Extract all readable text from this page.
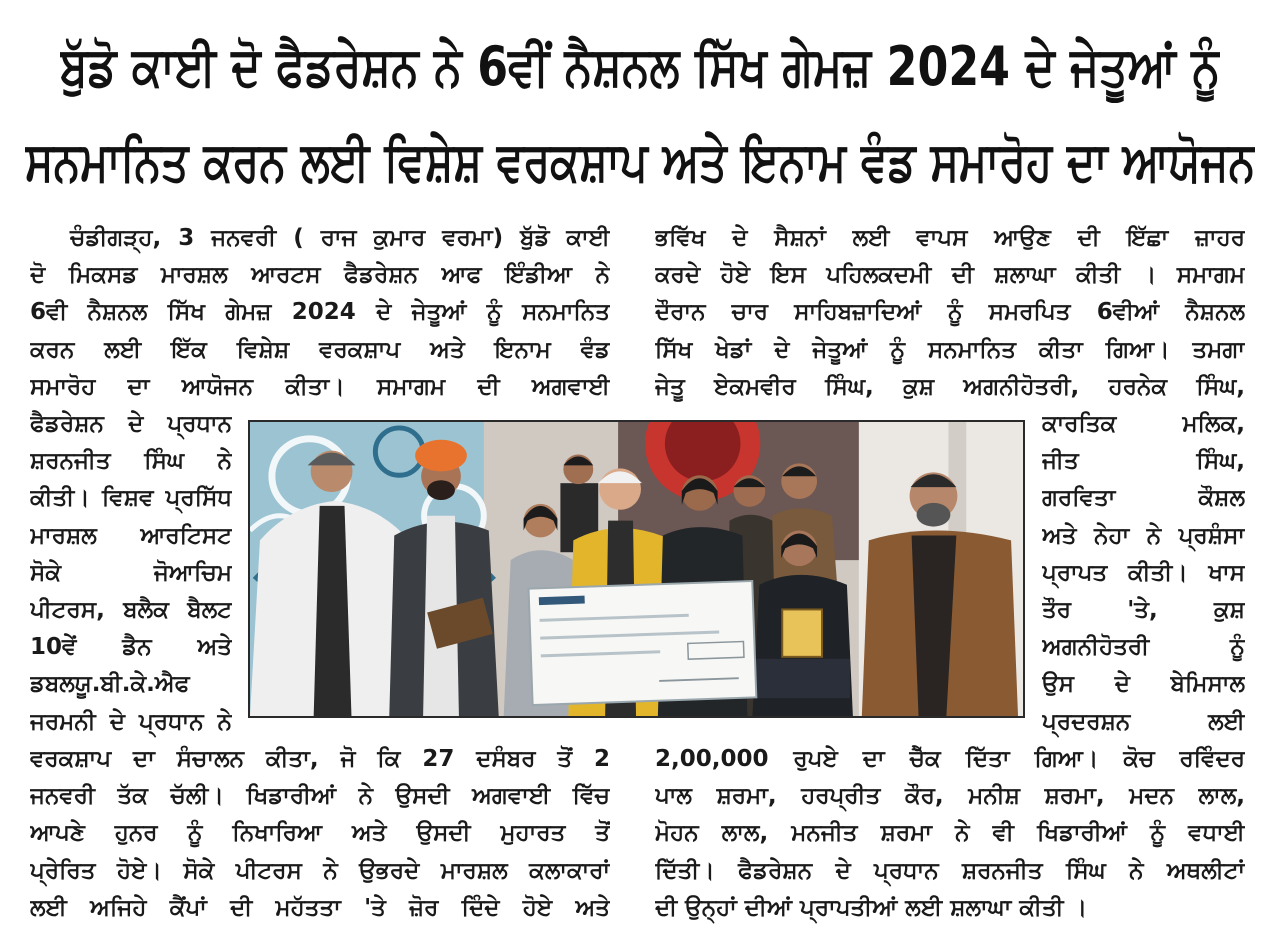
ਬੁੱਡੋ ਕਾਈ ਦੋ ਫੈਡਰੇਸ਼ਨ ਨੇ 6ਵੀਂ ਨੈਸ਼ਨਲ ਸਿੱਖ ਗੇਮਜ਼ 2024 ਦੇ ਜੇਤੂਆਂ ਨੂੰ
ਸਨਮਾਨਿਤ ਕਰਨ ਲਈ ਵਿਸ਼ੇਸ਼ ਵਰਕਸ਼ਾਪ ਅਤੇ ਇਨਾਮ ਵੰਡ ਸਮਾਰੋਹ ਦਾ ਆਯੋਜਨ
ਚੰਡੀਗੜ੍ਹ, 3 ਜਨਵਰੀ ( ਰਾਜ ਕੁਮਾਰ ਵਰਮਾ) ਬੁੱਡੋ ਕਾਈ
ਦੋ ਮਿਕਸਡ ਮਾਰਸ਼ਲ ਆਰਟਸ ਫੈਡਰੇਸ਼ਨ ਆਫ ਇੰਡੀਆ ਨੇ
6ਵੀ ਨੈਸ਼ਨਲ ਸਿੱਖ ਗੇਮਜ਼ 2024 ਦੇ ਜੇਤੂਆਂ ਨੂੰ ਸਨਮਾਨਿਤ
ਕਰਨ ਲਈ ਇੱਕ ਵਿਸ਼ੇਸ਼ ਵਰਕਸ਼ਾਪ ਅਤੇ ਇਨਾਮ ਵੰਡ
ਸਮਾਰੋਹ ਦਾ ਆਯੋਜਨ ਕੀਤਾ। ਸਮਾਗਮ ਦੀ ਅਗਵਾਈ
ਫੈਡਰੇਸ਼ਨ ਦੇ ਪ੍ਰਧਾਨ
ਸ਼ਰਨਜੀਤ ਸਿੰਘ ਨੇ
ਕੀਤੀ। ਵਿਸ਼ਵ ਪ੍ਰਸਿੱਧ
ਮਾਰਸ਼ਲ ਆਰਟਿਸਟ
ਸੋਕੇ ਜੋਆਚਿਮ
ਪੀਟਰਸ, ਬਲੈਕ ਬੈਲਟ
10ਵੇਂ ਡੈਨ ਅਤੇ
ਡਬਲਯੂ.ਬੀ.ਕੇ.ਐਫ
ਜਰਮਨੀ ਦੇ ਪ੍ਰਧਾਨ ਨੇ
ਵਰਕਸ਼ਾਪ ਦਾ ਸੰਚਾਲਨ ਕੀਤਾ, ਜੋ ਕਿ 27 ਦਸੰਬਰ ਤੋਂ 2
ਜਨਵਰੀ ਤੱਕ ਚੱਲੀ। ਖਿਡਾਰੀਆਂ ਨੇ ਉਸਦੀ ਅਗਵਾਈ ਵਿੱਚ
ਆਪਣੇ ਹੁਨਰ ਨੂੰ ਨਿਖਾਰਿਆ ਅਤੇ ਉਸਦੀ ਮੁਹਾਰਤ ਤੋਂ
ਪ੍ਰੇਰਿਤ ਹੋਏ। ਸੋਕੇ ਪੀਟਰਸ ਨੇ ਉਭਰਦੇ ਮਾਰਸ਼ਲ ਕਲਾਕਾਰਾਂ
ਲਈ ਅਜਿਹੇ ਕੈਂਪਾਂ ਦੀ ਮਹੱਤਤਾ 'ਤੇ ਜ਼ੋਰ ਦਿੰਦੇ ਹੋਏ ਅਤੇ
ਭਵਿੱਖ ਦੇ ਸੈਸ਼ਨਾਂ ਲਈ ਵਾਪਸ ਆਉਣ ਦੀ ਇੱਛਾ ਜ਼ਾਹਰ
ਕਰਦੇ ਹੋਏ ਇਸ ਪਹਿਲਕਦਮੀ ਦੀ ਸ਼ਲਾਘਾ ਕੀਤੀ । ਸਮਾਗਮ
ਦੌਰਾਨ ਚਾਰ ਸਾਹਿਬਜ਼ਾਦਿਆਂ ਨੂੰ ਸਮਰਪਿਤ 6ਵੀਆਂ ਨੈਸ਼ਨਲ
ਸਿੱਖ ਖੇਡਾਂ ਦੇ ਜੇਤੂਆਂ ਨੂੰ ਸਨਮਾਨਿਤ ਕੀਤਾ ਗਿਆ। ਤਮਗਾ
ਜੇਤੂ ਏਕਮਵੀਰ ਸਿੰਘ, ਕੁਸ਼ ਅਗਨੀਹੋਤਰੀ, ਹਰਨੇਕ ਸਿੰਘ,
ਕਾਰਤਿਕ ਮਲਿਕ,
ਜੀਤ ਸਿੰਘ,
ਗਰਵਿਤਾ ਕੌਸ਼ਲ
ਅਤੇ ਨੇਹਾ ਨੇ ਪ੍ਰਸ਼ੰਸਾ
ਪ੍ਰਾਪਤ ਕੀਤੀ। ਖਾਸ
ਤੌਰ 'ਤੇ, ਕੁਸ਼
ਅਗਨੀਹੋਤਰੀ ਨੂੰ
ਉਸ ਦੇ ਬੇਮਿਸਾਲ
ਪ੍ਰਦਰਸ਼ਨ ਲਈ
2,00,000 ਰੁਪਏ ਦਾ ਚੈੱਕ ਦਿੱਤਾ ਗਿਆ। ਕੋਚ ਰਵਿੰਦਰ
ਪਾਲ ਸ਼ਰਮਾ, ਹਰਪ੍ਰੀਤ ਕੌਰ, ਮਨੀਸ਼ ਸ਼ਰਮਾ, ਮਦਨ ਲਾਲ,
ਮੋਹਨ ਲਾਲ, ਮਨਜੀਤ ਸ਼ਰਮਾ ਨੇ ਵੀ ਖਿਡਾਰੀਆਂ ਨੂੰ ਵਧਾਈ
ਦਿੱਤੀ। ਫੈਡਰੇਸ਼ਨ ਦੇ ਪ੍ਰਧਾਨ ਸ਼ਰਨਜੀਤ ਸਿੰਘ ਨੇ ਅਥਲੀਟਾਂ
ਦੀ ਉਨ੍ਹਾਂ ਦੀਆਂ ਪ੍ਰਾਪਤੀਆਂ ਲਈ ਸ਼ਲਾਘਾ ਕੀਤੀ ।
